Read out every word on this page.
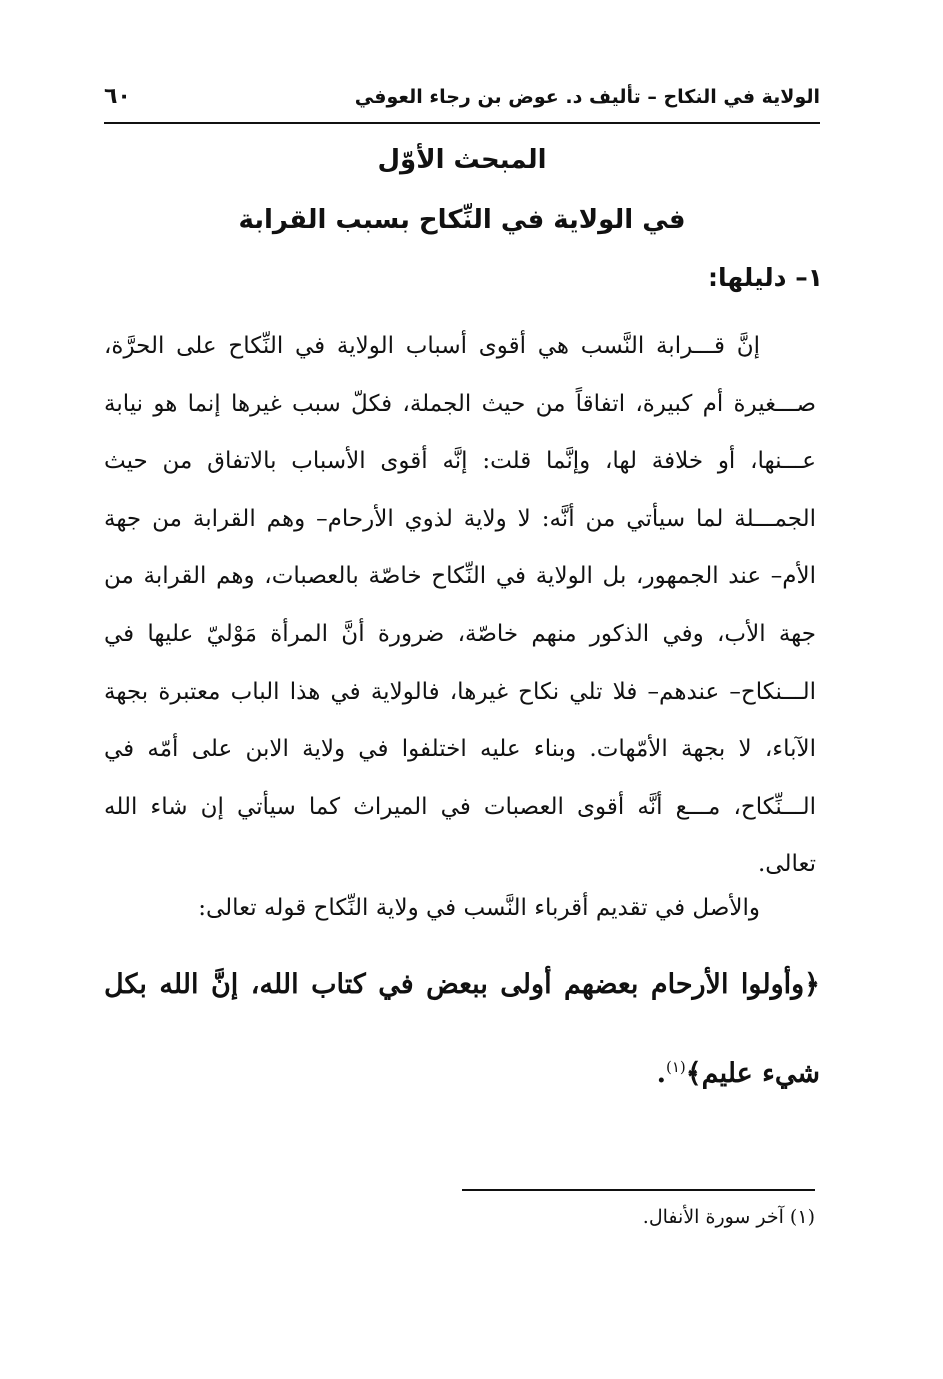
الولاية في النكاح – تأليف د. عوض بن رجاء العوفي
٦٠
المبحث الأوّل
في الولاية في النِّكاح بسبب القرابة
١– دليلها:

إنَّ قـــرابة النَّسب هي أقوى أسباب الولاية في النِّكاح على الحرَّة، صـــغيرة أم كبيرة، اتفاقاً من حيث الجملة، فكلّ سبب غيرها إنما هو نيابة عـــنها، أو خلافة لها، وإنَّما قلت: إنَّه أقوى الأسباب بالاتفاق من حيث الجمـــلة لما سيأتي من أنَّه: لا ولاية لذوي الأرحام– وهم القرابة من جهة الأم– عند الجمهور، بل الولاية في النِّكاح خاصّة بالعصبات، وهم القرابة من جهة الأب، وفي الذكور منهم خاصّة، ضرورة أنَّ المرأة مَوْليّ عليها في الـــنكاح– عندهم– فلا تلي نكاح غيرها، فالولاية في هذا الباب معتبرة بجهة الآباء، لا بجهة الأمّهات. وبناء عليه اختلفوا في ولاية الابن على أمّه في الـــنِّكاح، مـــع أنَّه أقوى العصبات في الميراث كما سيأتي إن شاء الله تعالى.

والأصل في تقديم أقرباء النَّسب في ولاية النِّكاح قوله تعالى:

﴿وأولوا الأرحام بعضهم أولى ببعض في كتاب الله، إنَّ الله بكل شيء عليم﴾$^{(١)}$.

(١) آخر سورة الأنفال.
